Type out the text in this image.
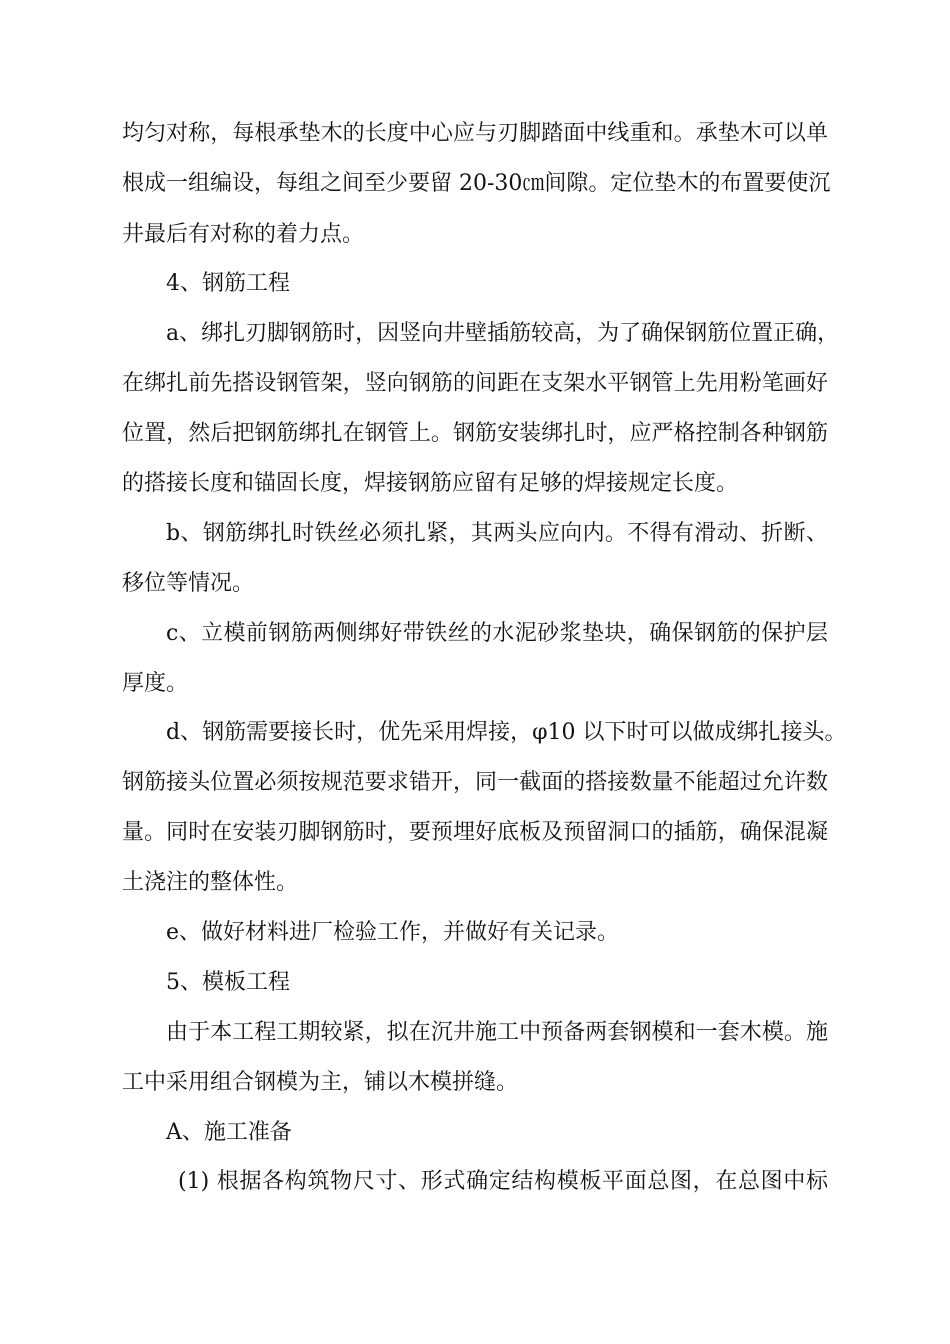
均匀对称，每根承垫木的长度中心应与刃脚踏面中线重和。承垫木可以单
根成一组编设，每组之间至少要留 20-30㎝间隙。定位垫木的布置要使沉
井最后有对称的着力点。
4、钢筋工程
a、绑扎刃脚钢筋时，因竖向井壁插筋较高，为了确保钢筋位置正确，
在绑扎前先搭设钢管架，竖向钢筋的间距在支架水平钢管上先用粉笔画好
位置，然后把钢筋绑扎在钢管上。钢筋安装绑扎时，应严格控制各种钢筋
的搭接长度和锚固长度，焊接钢筋应留有足够的焊接规定长度。
b、钢筋绑扎时铁丝必须扎紧，其两头应向内。不得有滑动、折断、
移位等情况。
c、立模前钢筋两侧绑好带铁丝的水泥砂浆垫块，确保钢筋的保护层
厚度。
d、钢筋需要接长时，优先采用焊接，φ10 以下时可以做成绑扎接头。
钢筋接头位置必须按规范要求错开，同一截面的搭接数量不能超过允许数
量。同时在安装刃脚钢筋时，要预埋好底板及预留洞口的插筋，确保混凝
土浇注的整体性。
e、做好材料进厂检验工作，并做好有关记录。
5、模板工程
由于本工程工期较紧，拟在沉井施工中预备两套钢模和一套木模。施
工中采用组合钢模为主，铺以木模拼缝。
A、施工准备
(1) 根据各构筑物尺寸、形式确定结构模板平面总图，在总图中标
